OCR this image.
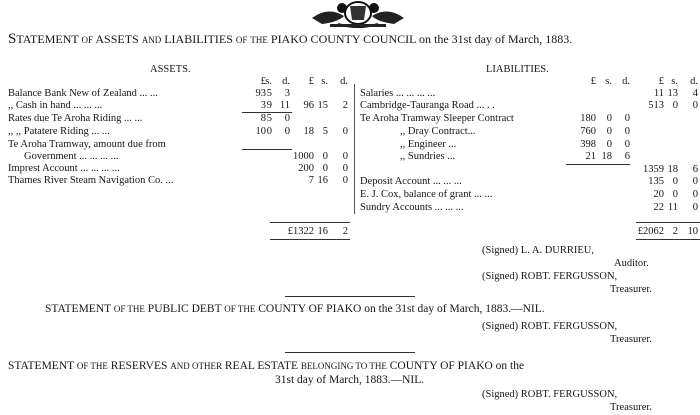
STATEMENT OF ASSETS AND LIABILITIES OF THE PIAKO COUNTY COUNCIL on the 31st day of March, 1883.
ASSETS.	LIABILITIES.
£ s. d.	£ s.	d.
Balance Bank New of Zealand ... ...	93 5	3
,, Cash in hand ... ... ...	3 9 11	96 15	2
Rates due Te Aroha Riding ... ...	8 5	0
,, ,, Patatere Riding ... ...	10 0	0	18 5	0
Te Aroha Tramway, amount due from
Government ... ... ... ...	1000 0	0
Imprest Account ... ... ... ...	200 0	0
Thames River Steam Navigation Co. ...	7 16	0
£1322 16	2
£ s. d.	£ s.	d.
Salaries ... ... ... ...	11 13	4
Cambridge-Tauranga Road ... . .	513 0	0
Te Aroha Tramway Sleeper Contract	180	0	0
,, Dray Contract...	760	0	0
,, Engineer ...	398	0	0
,, Sundries ...	21 18	6
1359 18	6
Deposit Account ... ... ...	135 0	0
E. J. Cox, balance of grant ... ...	20 0	0
Sundry Accounts ... ... ...	22 11	0
£2062 2 10
(Signed) L. A. DURRIEU,
Auditor.
(Signed) ROBT. FERGUSSON,
Treasurer.
STATEMENT OF THE PUBLIC DEBT OF THE COUNTY OF PIAKO on the 31st day of March, 1883.—NIL.
(Signed) ROBT. FERGUSSON,
Treasurer.
STATEMENT OF THE RESERVES AND OTHER REAL ESTATE BELONGING TO THE COUNTY OF PIAKO on the
31st day of March, 1883.—NIL.
(Signed) ROBT. FERGUSSON,
Treasurer.
